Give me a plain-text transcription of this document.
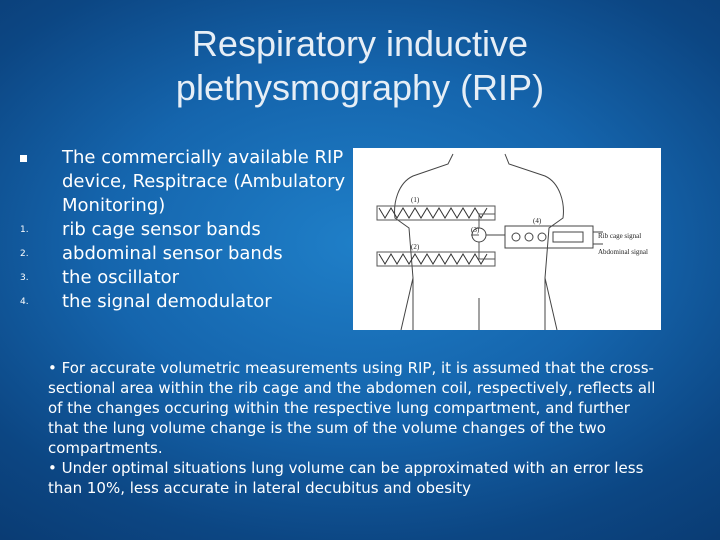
Respiratory inductive
plethysmography (RIP)
The commercially available RIP device, Respitrace (Ambulatory Monitoring)
1.	rib cage sensor bands
2.	abdominal sensor bands
3.	the oscillator
4.	the signal demodulator
(1)
(2)
(3)
(4)
Rib cage signal
Abdominal signal
• For accurate volumetric measurements using RIP, it is assumed that the cross-sectional area within the rib cage and the abdomen coil, respectively, reflects all of the changes occuring within the respective lung compartment, and further that the lung volume change is the sum of the volume changes of the two compartments.
• Under optimal situations lung volume can be approximated with an error less than 10%, less accurate in lateral decubitus and obesity
